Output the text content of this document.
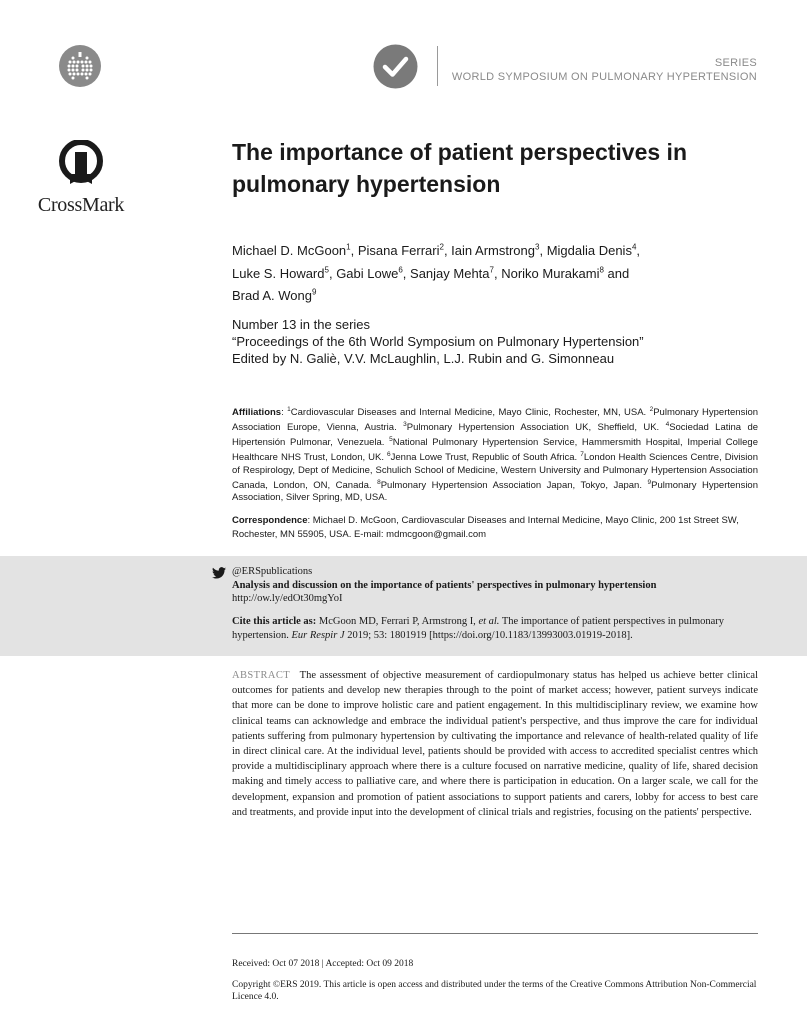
SERIES
WORLD SYMPOSIUM ON PULMONARY HYPERTENSION
CrossMark
The importance of patient perspectives in
pulmonary hypertension
Michael D. McGoon$^1$, Pisana Ferrari$^2$, Iain Armstrong$^3$, Migdalia Denis$^4$,
Luke S. Howard$^5$, Gabi Lowe$^6$, Sanjay Mehta$^7$, Noriko Murakami$^8$ and
Brad A. Wong$^9$
Number 13 in the series
“Proceedings of the 6th World Symposium on Pulmonary Hypertension”
Edited by N. Galiè, V.V. McLaughlin, L.J. Rubin and G. Simonneau
Affiliations: $^1$Cardiovascular Diseases and Internal Medicine, Mayo Clinic, Rochester, MN, USA. $^2$Pulmonary Hypertension Association Europe, Vienna, Austria. $^3$Pulmonary Hypertension Association UK, Sheffield, UK. $^4$Sociedad Latina de Hipertensión Pulmonar, Venezuela. $^5$National Pulmonary Hypertension Service, Hammersmith Hospital, Imperial College Healthcare NHS Trust, London, UK. $^6$Jenna Lowe Trust, Republic of South Africa. $^7$London Health Sciences Centre, Division of Respirology, Dept of Medicine, Schulich School of Medicine, Western University and Pulmonary Hypertension Association Canada, London, ON, Canada. $^8$Pulmonary Hypertension Association Japan, Tokyo, Japan. $^9$Pulmonary Hypertension Association, Silver Spring, MD, USA.
Correspondence: Michael D. McGoon, Cardiovascular Diseases and Internal Medicine, Mayo Clinic, 200 1st Street SW, Rochester, MN 55905, USA. E-mail: mdmcgoon@gmail.com
@ERSpublications
Analysis and discussion on the importance of patients' perspectives in pulmonary hypertension
http://ow.ly/edOt30mgYoI
Cite this article as: McGoon MD, Ferrari P, Armstrong I, et al. The importance of patient perspectives in pulmonary hypertension. Eur Respir J 2019; 53: 1801919 [https://doi.org/10.1183/13993003.01919-2018].
ABSTRACT The assessment of objective measurement of cardiopulmonary status has helped us achieve better clinical outcomes for patients and develop new therapies through to the point of market access; however, patient surveys indicate that more can be done to improve holistic care and patient engagement. In this multidisciplinary review, we examine how clinical teams can acknowledge and embrace the individual patient's perspective, and thus improve the care for individual patients suffering from pulmonary hypertension by cultivating the importance and relevance of health-related quality of life in direct clinical care. At the individual level, patients should be provided with access to accredited specialist centres which provide a multidisciplinary approach where there is a culture focused on narrative medicine, quality of life, shared decision making and timely access to palliative care, and where there is participation in education. On a larger scale, we call for the development, expansion and promotion of patient associations to support patients and carers, lobby for access to best care and treatments, and provide input into the development of clinical trials and registries, focusing on the patients' perspective.
Received: Oct 07 2018 | Accepted: Oct 09 2018
Copyright ©ERS 2019. This article is open access and distributed under the terms of the Creative Commons Attribution Non-Commercial Licence 4.0.
